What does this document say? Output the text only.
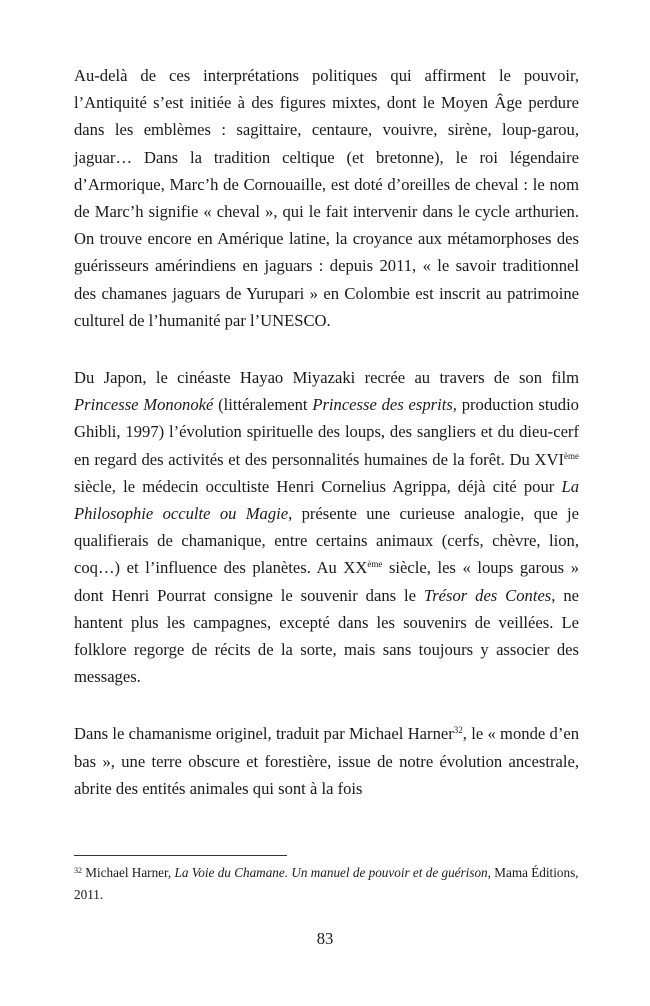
Au-delà de ces interprétations politiques qui affirment le pouvoir, l’Antiquité s’est initiée à des figures mixtes, dont le Moyen Âge perdure dans les emblèmes : sagittaire, centaure, vouivre, sirène, loup-garou, jaguar… Dans la tradition celtique (et bretonne), le roi légendaire d’Armorique, Marc’h de Cornouaille, est doté d’oreilles de cheval : le nom de Marc’h signifie « cheval », qui le fait intervenir dans le cycle arthurien. On trouve encore en Amérique latine, la croyance aux métamorphoses des guérisseurs amérindiens en jaguars : depuis 2011, « le savoir traditionnel des chamanes jaguars de Yurupari » en Colombie est inscrit au patrimoine culturel de l’humanité par l’UNESCO.

Du Japon, le cinéaste Hayao Miyazaki recrée au travers de son film Princesse Mononoké (littéralement Princesse des esprits, production studio Ghibli, 1997) l’évolution spirituelle des loups, des sangliers et du dieu-cerf en regard des activités et des personnalités humaines de la forêt. Du XVIème siècle, le médecin occultiste Henri Cornelius Agrippa, déjà cité pour La Philosophie occulte ou Magie, présente une curieuse analogie, que je qualifierais de chamanique, entre certains animaux (cerfs, chèvre, lion, coq…) et l’influence des planètes. Au XXème siècle, les « loups garous » dont Henri Pourrat consigne le souvenir dans le Trésor des Contes, ne hantent plus les campagnes, excepté dans les souvenirs de veillées. Le folklore regorge de récits de la sorte, mais sans toujours y associer des messages.

Dans le chamanisme originel, traduit par Michael Harner$^{32}$, le « monde d’en bas », une terre obscure et forestière, issue de notre évolution ancestrale, abrite des entités animales qui sont à la fois

$^{32}$ Michael Harner, La Voie du Chamane. Un manuel de pouvoir et de guérison, Mama Éditions, 2011.
83
